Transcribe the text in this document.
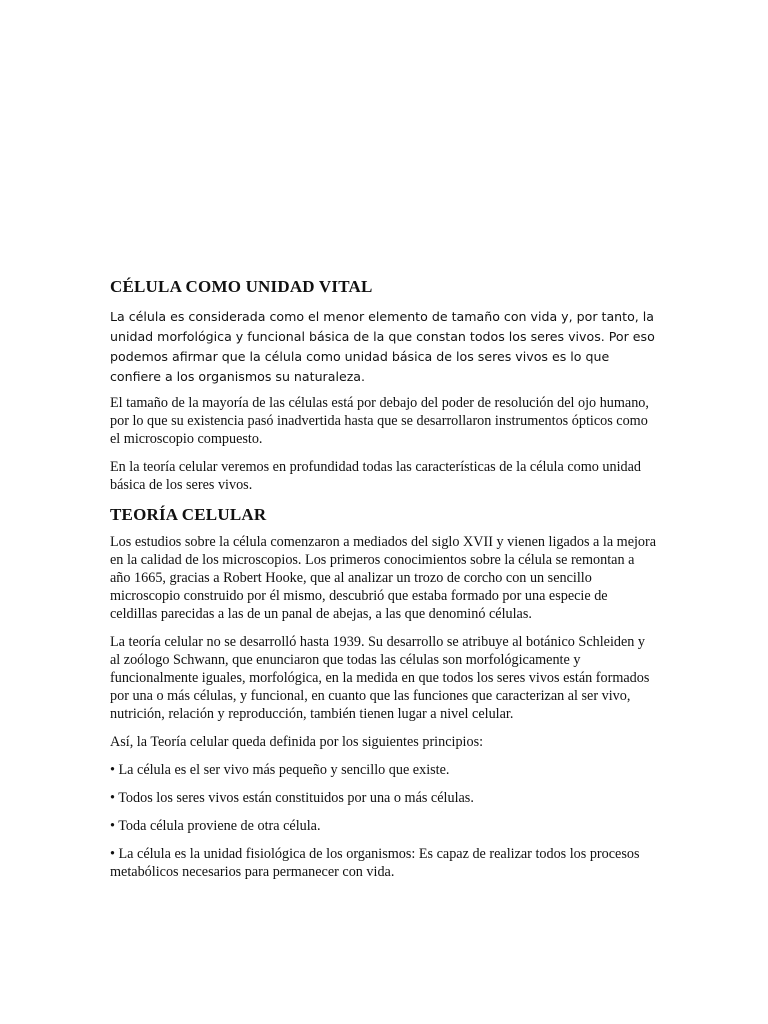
CÉLULA COMO UNIDAD VITAL

La célula es considerada como el menor elemento de tamaño con vida y, por tanto, la unidad morfológica y funcional básica de la que constan todos los seres vivos. Por eso podemos afirmar que la célula como unidad básica de los seres vivos es lo que confiere a los organismos su naturaleza.

El tamaño de la mayoría de las células está por debajo del poder de resolución del ojo humano, por lo que su existencia pasó inadvertida hasta que se desarrollaron instrumentos ópticos como el microscopio compuesto.

En la teoría celular veremos en profundidad todas las características de la célula como unidad básica de los seres vivos.

TEORÍA CELULAR

Los estudios sobre la célula comenzaron a mediados del siglo XVII y vienen ligados a la mejora en la calidad de los microscopios. Los primeros conocimientos sobre la célula se remontan a año 1665, gracias a Robert Hooke, que al analizar un trozo de corcho con un sencillo microscopio construido por él mismo, descubrió que estaba formado por una especie de celdillas parecidas a las de un panal de abejas, a las que denominó células.

La teoría celular no se desarrolló hasta 1939. Su desarrollo se atribuye al botánico Schleiden y al zoólogo Schwann, que enunciaron que todas las células son morfológicamente y funcionalmente iguales, morfológica, en la medida en que todos los seres vivos están formados por una o más células, y funcional, en cuanto que las funciones que caracterizan al ser vivo, nutrición, relación y reproducción, también tienen lugar a nivel celular.

Así, la Teoría celular queda definida por los siguientes principios:

• La célula es el ser vivo más pequeño y sencillo que existe.

• Todos los seres vivos están constituidos por una o más células.

• Toda célula proviene de otra célula.

• La célula es la unidad fisiológica de los organismos: Es capaz de realizar todos los procesos metabólicos necesarios para permanecer con vida.
